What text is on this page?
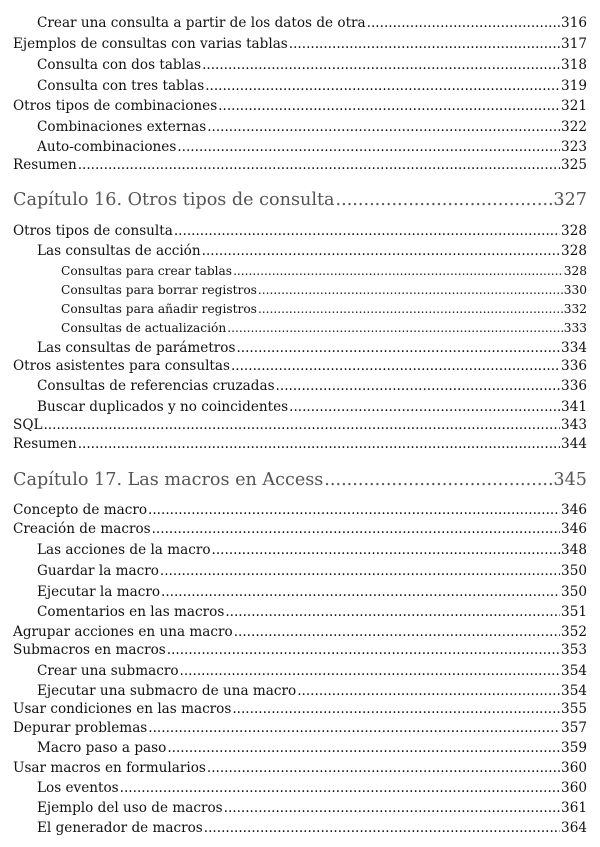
Crear una consulta a partir de los datos de otra .....	316
Ejemplos de consultas con varias tablas .....	317
Consulta con dos tablas .....	318
Consulta con tres tablas .....	319
Otros tipos de combinaciones .....	321
Combinaciones externas .....	322
Auto-combinaciones .....	323
Resumen .....	325
Capítulo 16. Otros tipos de consulta .....	327
Otros tipos de consulta .....	328
Las consultas de acción .....	328
Consultas para crear tablas .....	328
Consultas para borrar registros .....	330
Consultas para añadir registros .....	332
Consultas de actualización .....	333
Las consultas de parámetros .....	334
Otros asistentes para consultas .....	336
Consultas de referencias cruzadas .....	336
Buscar duplicados y no coincidentes .....	341
SQL .....	343
Resumen .....	344
Capítulo 17. Las macros en Access .....	345
Concepto de macro .....	346
Creación de macros .....	346
Las acciones de la macro .....	348
Guardar la macro .....	350
Ejecutar la macro .....	350
Comentarios en las macros .....	351
Agrupar acciones en una macro .....	352
Submacros en macros .....	353
Crear una submacro .....	354
Ejecutar una submacro de una macro .....	354
Usar condiciones en las macros .....	355
Depurar problemas .....	357
Macro paso a paso .....	359
Usar macros en formularios .....	360
Los eventos .....	360
Ejemplo del uso de macros .....	361
El generador de macros .....	364
